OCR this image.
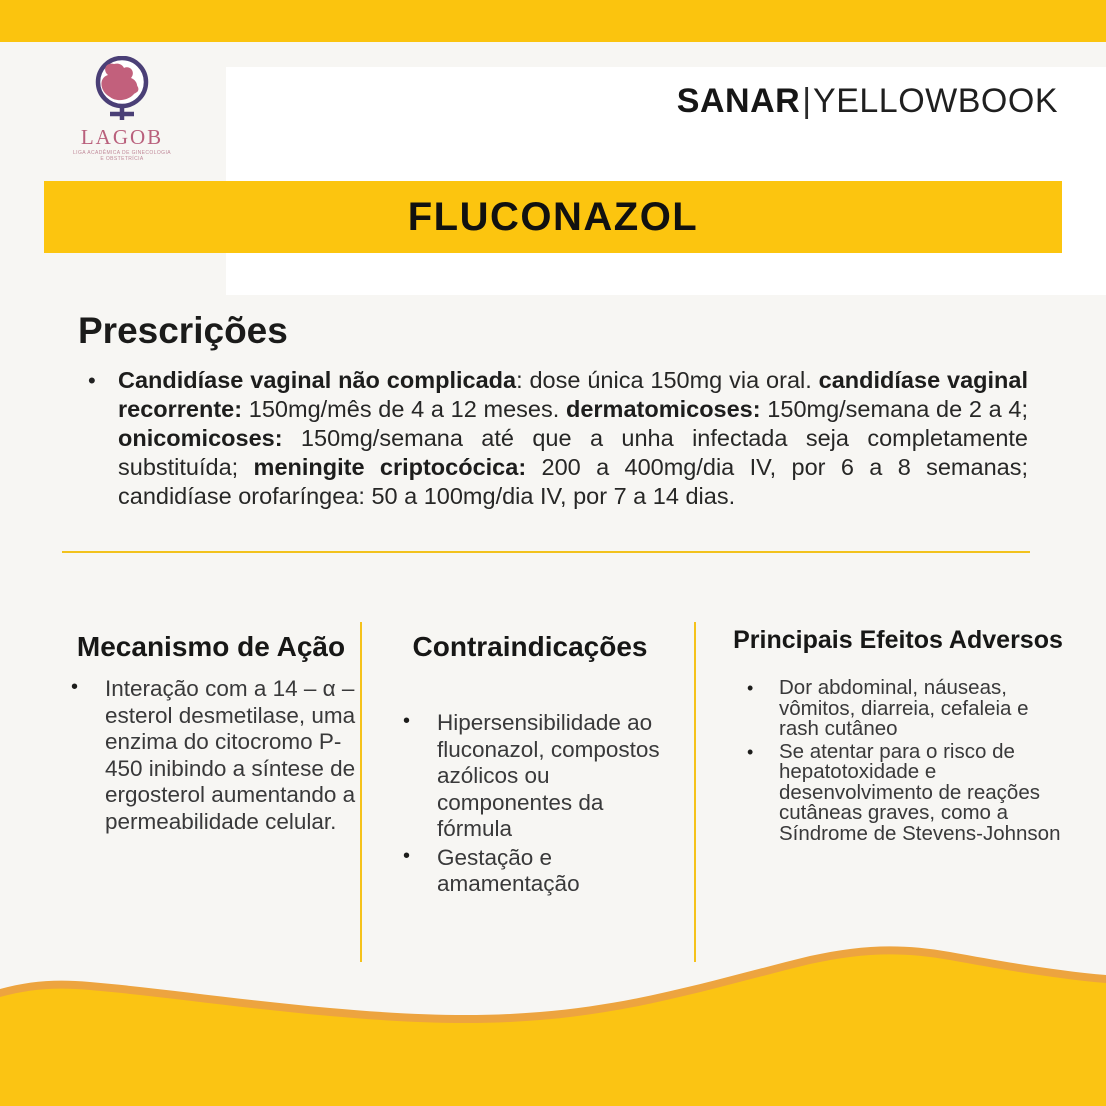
LAGOB
LIGA ACADÊMICA DE GINECOLOGIA
E OBSTETRÍCIA
SANAR|YELLOWBOOK
FLUCONAZOL
Prescrições
• Candidíase vaginal não complicada: dose única 150mg via oral. candidíase vaginal recorrente: 150mg/mês de 4 a 12 meses. dermatomicoses: 150mg/semana de 2 a 4; onicomicoses: 150mg/semana até que a unha infectada seja completamente substituída; meningite criptocócica: 200 a 400mg/dia IV, por 6 a 8 semanas; candidíase orofaríngea: 50 a 100mg/dia IV, por 7 a 14 dias.

Mecanismo de Ação
•	Interação com a 14 – α – esterol desmetilase, uma enzima do citocromo P-450 inibindo a síntese de ergosterol aumentando a permeabilidade celular.

Contraindicações
•	Hipersensibilidade ao fluconazol, compostos azólicos ou componentes da fórmula

•	Gestação e amamentação

Principais Efeitos Adversos
•	Dor abdominal, náuseas, vômitos, diarreia, cefaleia e rash cutâneo

•	Se atentar para o risco de hepatotoxidade e desenvolvimento de reações cutâneas graves, como a Síndrome de Stevens-Johnson
